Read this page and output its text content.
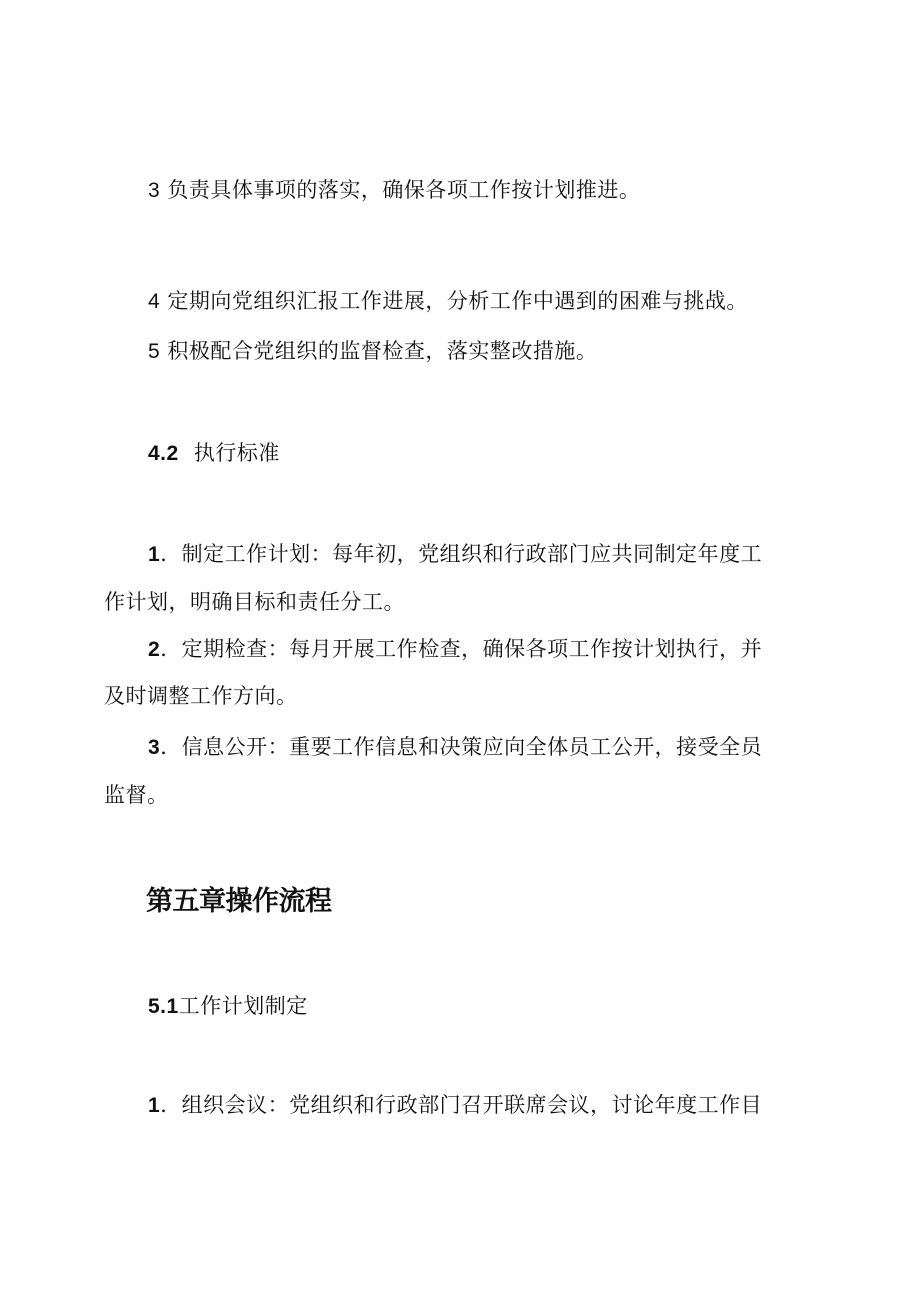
3 负责具体事项的落实，确保各项工作按计划推进。
4 定期向党组织汇报工作进展，分析工作中遇到的困难与挑战。
5 积极配合党组织的监督检查，落实整改措施。
4.2 执行标准
1．制定工作计划：每年初，党组织和行政部门应共同制定年度工
作计划，明确目标和责任分工。
2．定期检查：每月开展工作检查，确保各项工作按计划执行，并
及时调整工作方向。
3．信息公开：重要工作信息和决策应向全体员工公开，接受全员
监督。
第五章操作流程
5.1工作计划制定
1．组织会议：党组织和行政部门召开联席会议，讨论年度工作目
